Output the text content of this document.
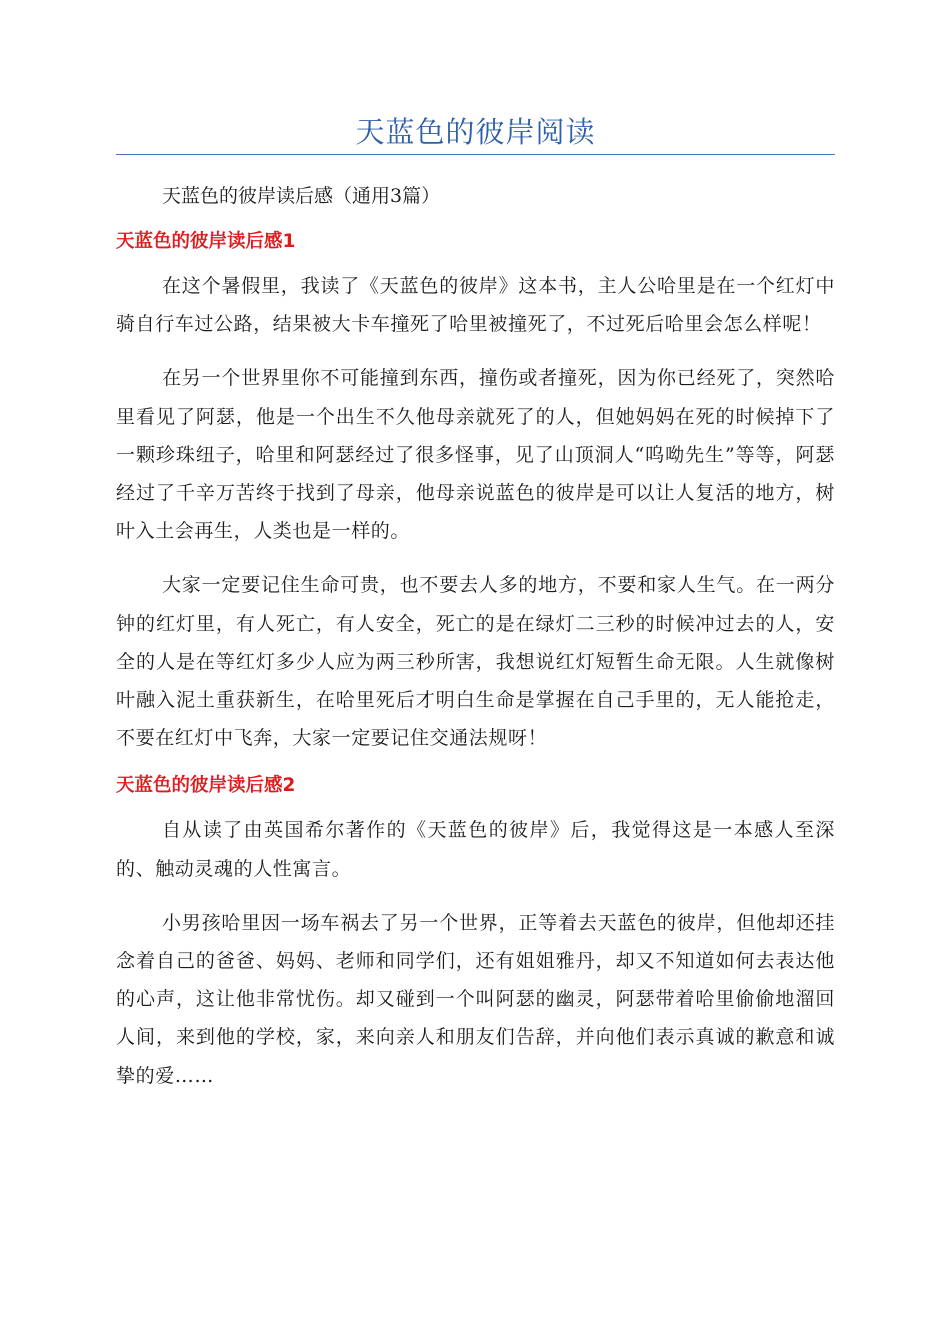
天蓝色的彼岸阅读

天蓝色的彼岸读后感（通用3篇）

天蓝色的彼岸读后感1

在这个暑假里，我读了《天蓝色的彼岸》这本书，主人公哈里是在一个红灯中骑自行车过公路，结果被大卡车撞死了哈里被撞死了，不过死后哈里会怎么样呢！

在另一个世界里你不可能撞到东西，撞伤或者撞死，因为你已经死了，突然哈里看见了阿瑟，他是一个出生不久他母亲就死了的人，但她妈妈在死的时候掉下了一颗珍珠纽子，哈里和阿瑟经过了很多怪事，见了山顶洞人“呜呦先生”等等，阿瑟经过了千辛万苦终于找到了母亲，他母亲说蓝色的彼岸是可以让人复活的地方，树叶入土会再生，人类也是一样的。

大家一定要记住生命可贵，也不要去人多的地方，不要和家人生气。在一两分钟的红灯里，有人死亡，有人安全，死亡的是在绿灯二三秒的时候冲过去的人，安全的人是在等红灯多少人应为两三秒所害，我想说红灯短暂生命无限。人生就像树叶融入泥土重获新生，在哈里死后才明白生命是掌握在自己手里的，无人能抢走，不要在红灯中飞奔，大家一定要记住交通法规呀！

天蓝色的彼岸读后感2

自从读了由英国希尔著作的《天蓝色的彼岸》后，我觉得这是一本感人至深的、触动灵魂的人性寓言。

小男孩哈里因一场车祸去了另一个世界，正等着去天蓝色的彼岸，但他却还挂念着自己的爸爸、妈妈、老师和同学们，还有姐姐雅丹，却又不知道如何去表达他的心声，这让他非常忧伤。却又碰到一个叫阿瑟的幽灵，阿瑟带着哈里偷偷地溜回人间，来到他的学校，家，来向亲人和朋友们告辞，并向他们表示真诚的歉意和诚挚的爱……
